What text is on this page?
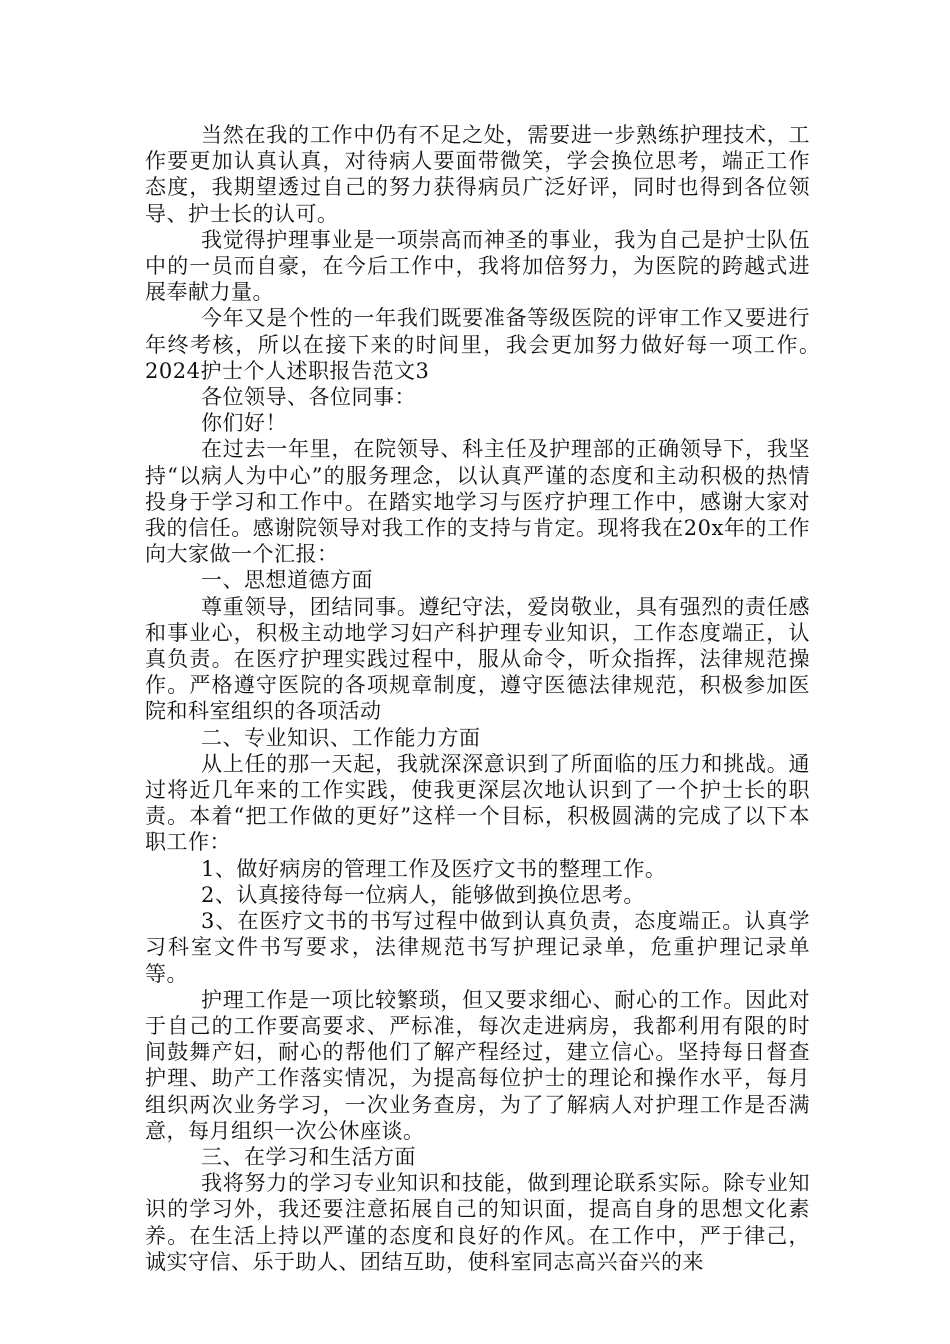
当然在我的工作中仍有不足之处，需要进一步熟练护理技术，工作要更加认真认真，对待病人要面带微笑，学会换位思考，端正工作态度，我期望透过自己的努力获得病员广泛好评，同时也得到各位领导、护士长的认可。

我觉得护理事业是一项崇高而神圣的事业，我为自己是护士队伍中的一员而自豪，在今后工作中，我将加倍努力，为医院的跨越式进展奉献力量。

今年又是个性的一年我们既要准备等级医院的评审工作又要进行年终考核，所以在接下来的时间里，我会更加努力做好每一项工作。　　2024护士个人述职报告范文3

各位领导、各位同事：

你们好！

在过去一年里，在院领导、科主任及护理部的正确领导下，我坚持“以病人为中心”的服务理念，以认真严谨的态度和主动积极的热情投身于学习和工作中。在踏实地学习与医疗护理工作中，感谢大家对我的信任。感谢院领导对我工作的支持与肯定。现将我在20x年的工作向大家做一个汇报：

一、思想道德方面

尊重领导，团结同事。遵纪守法，爱岗敬业，具有强烈的责任感和事业心，积极主动地学习妇产科护理专业知识，工作态度端正，认真负责。在医疗护理实践过程中，服从命令，听众指挥，法律规范操作。严格遵守医院的各项规章制度，遵守医德法律规范，积极参加医院和科室组织的各项活动

二、专业知识、工作能力方面

从上任的那一天起，我就深深意识到了所面临的压力和挑战。通过将近几年来的工作实践，使我更深层次地认识到了一个护士长的职责。本着“把工作做的更好”这样一个目标，积极圆满的完成了以下本职工作：

1、做好病房的管理工作及医疗文书的整理工作。

2、认真接待每一位病人，能够做到换位思考。

3、在医疗文书的书写过程中做到认真负责，态度端正。认真学习科室文件书写要求，法律规范书写护理记录单，危重护理记录单等。

护理工作是一项比较繁琐，但又要求细心、耐心的工作。因此对于自己的工作要高要求、严标准，每次走进病房，我都利用有限的时间鼓舞产妇，耐心的帮他们了解产程经过，建立信心。坚持每日督查护理、助产工作落实情况，为提高每位护士的理论和操作水平，每月组织两次业务学习，一次业务查房，为了了解病人对护理工作是否满意，每月组织一次公休座谈。

三、在学习和生活方面

我将努力的学习专业知识和技能，做到理论联系实际。除专业知识的学习外，我还要注意拓展自己的知识面，提高自身的思想文化素养。在生活上持以严谨的态度和良好的作风。在工作中，严于律己，诚实守信、乐于助人、团结互助，使科室同志高兴奋兴的来
